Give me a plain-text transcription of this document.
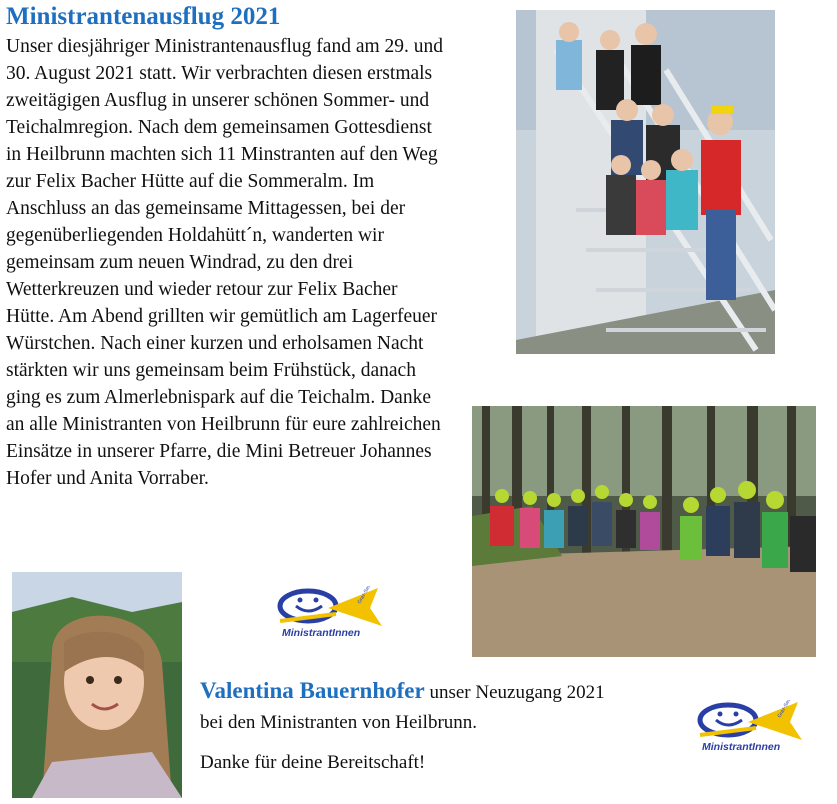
Ministrantenausflug 2021

Unser diesjähriger Ministrantenausflug fand am 29. und 30. August 2021 statt. Wir verbrachten diesen erstmals zweitägigen Ausflug in unserer schönen Sommer- und Teichalmregion. Nach dem gemeinsamen Gottesdienst in Heilbrunn machten sich 11 Minstranten auf den Weg zur Felix Bacher Hütte auf die Sommeralm. Im Anschluss an das gemeinsame Mittagessen, bei der gegenüberliegenden Holdahütt´n, wanderten wir gemeinsam zum neuen Windrad, zu den drei Wetterkreuzen und wieder retour zur Felix Bacher Hütte. Am Abend grillten wir gemütlich am Lagerfeuer Würstchen. Nach einer kurzen und erholsamen Nacht stärkten wir uns gemeinsam beim Frühstück, danach ging es zum Almerlebnispark auf die Teichalm. Danke an alle Ministranten von Heilbrunn für eure zahlreichen Einsätze in unserer Pfarre, die Mini Betreuer Johannes Hofer und Anita Vorraber.

MinistrantInnen
Graz-Seckau
MinistrantInnen
Graz-Seckau

Valentina Bauernhofer unser Neuzugang 2021 bei den Ministranten von Heilbrunn.

Danke für deine Bereitschaft!
